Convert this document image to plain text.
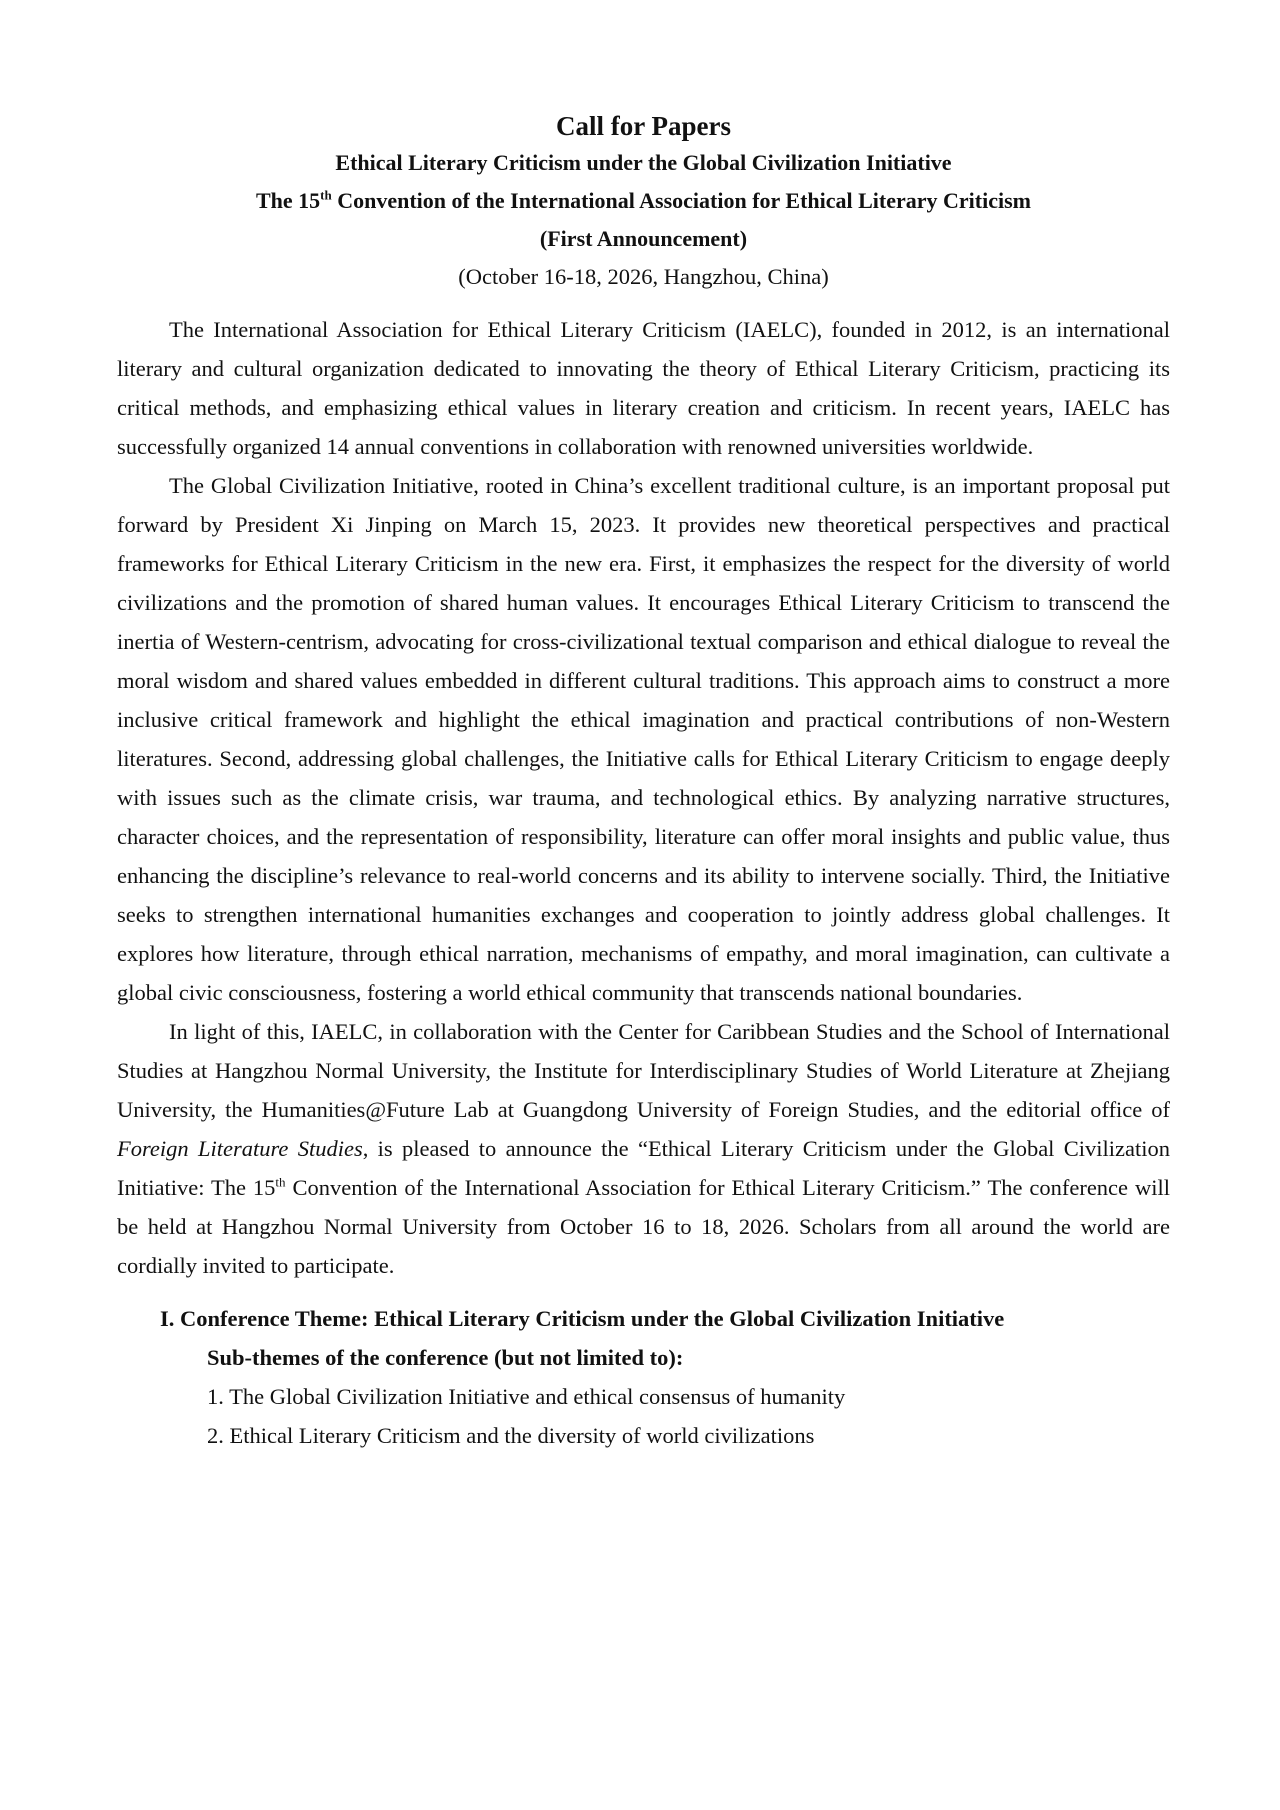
Call for Papers

Ethical Literary Criticism under the Global Civilization Initiative

The 15th Convention of the International Association for Ethical Literary Criticism

(First Announcement)

(October 16-18, 2026, Hangzhou, China)

The International Association for Ethical Literary Criticism (IAELC), founded in 2012, is an international literary and cultural organization dedicated to innovating the theory of Ethical Literary Criticism, practicing its critical methods, and emphasizing ethical values in literary creation and criticism. In recent years, IAELC has successfully organized 14 annual conventions in collaboration with renowned universities worldwide.

The Global Civilization Initiative, rooted in China’s excellent traditional culture, is an important proposal put forward by President Xi Jinping on March 15, 2023. It provides new theoretical perspectives and practical frameworks for Ethical Literary Criticism in the new era. First, it emphasizes the respect for the diversity of world civilizations and the promotion of shared human values. It encourages Ethical Literary Criticism to transcend the inertia of Western-centrism, advocating for cross-civilizational textual comparison and ethical dialogue to reveal the moral wisdom and shared values embedded in different cultural traditions. This approach aims to construct a more inclusive critical framework and highlight the ethical imagination and practical contributions of non-Western literatures. Second, addressing global challenges, the Initiative calls for Ethical Literary Criticism to engage deeply with issues such as the climate crisis, war trauma, and technological ethics. By analyzing narrative structures, character choices, and the representation of responsibility, literature can offer moral insights and public value, thus enhancing the discipline’s relevance to real-world concerns and its ability to intervene socially. Third, the Initiative seeks to strengthen international humanities exchanges and cooperation to jointly address global challenges. It explores how literature, through ethical narration, mechanisms of empathy, and moral imagination, can cultivate a global civic consciousness, fostering a world ethical community that transcends national boundaries.

In light of this, IAELC, in collaboration with the Center for Caribbean Studies and the School of International Studies at Hangzhou Normal University, the Institute for Interdisciplinary Studies of World Literature at Zhejiang University, the Humanities@Future Lab at Guangdong University of Foreign Studies, and the editorial office of Foreign Literature Studies, is pleased to announce the “Ethical Literary Criticism under the Global Civilization Initiative: The 15th Convention of the International Association for Ethical Literary Criticism.” The conference will be held at Hangzhou Normal University from October 16 to 18, 2026. Scholars from all around the world are cordially invited to participate.

I. Conference Theme: Ethical Literary Criticism under the Global Civilization Initiative

Sub-themes of the conference (but not limited to):

1. The Global Civilization Initiative and ethical consensus of humanity
2. Ethical Literary Criticism and the diversity of world civilizations
